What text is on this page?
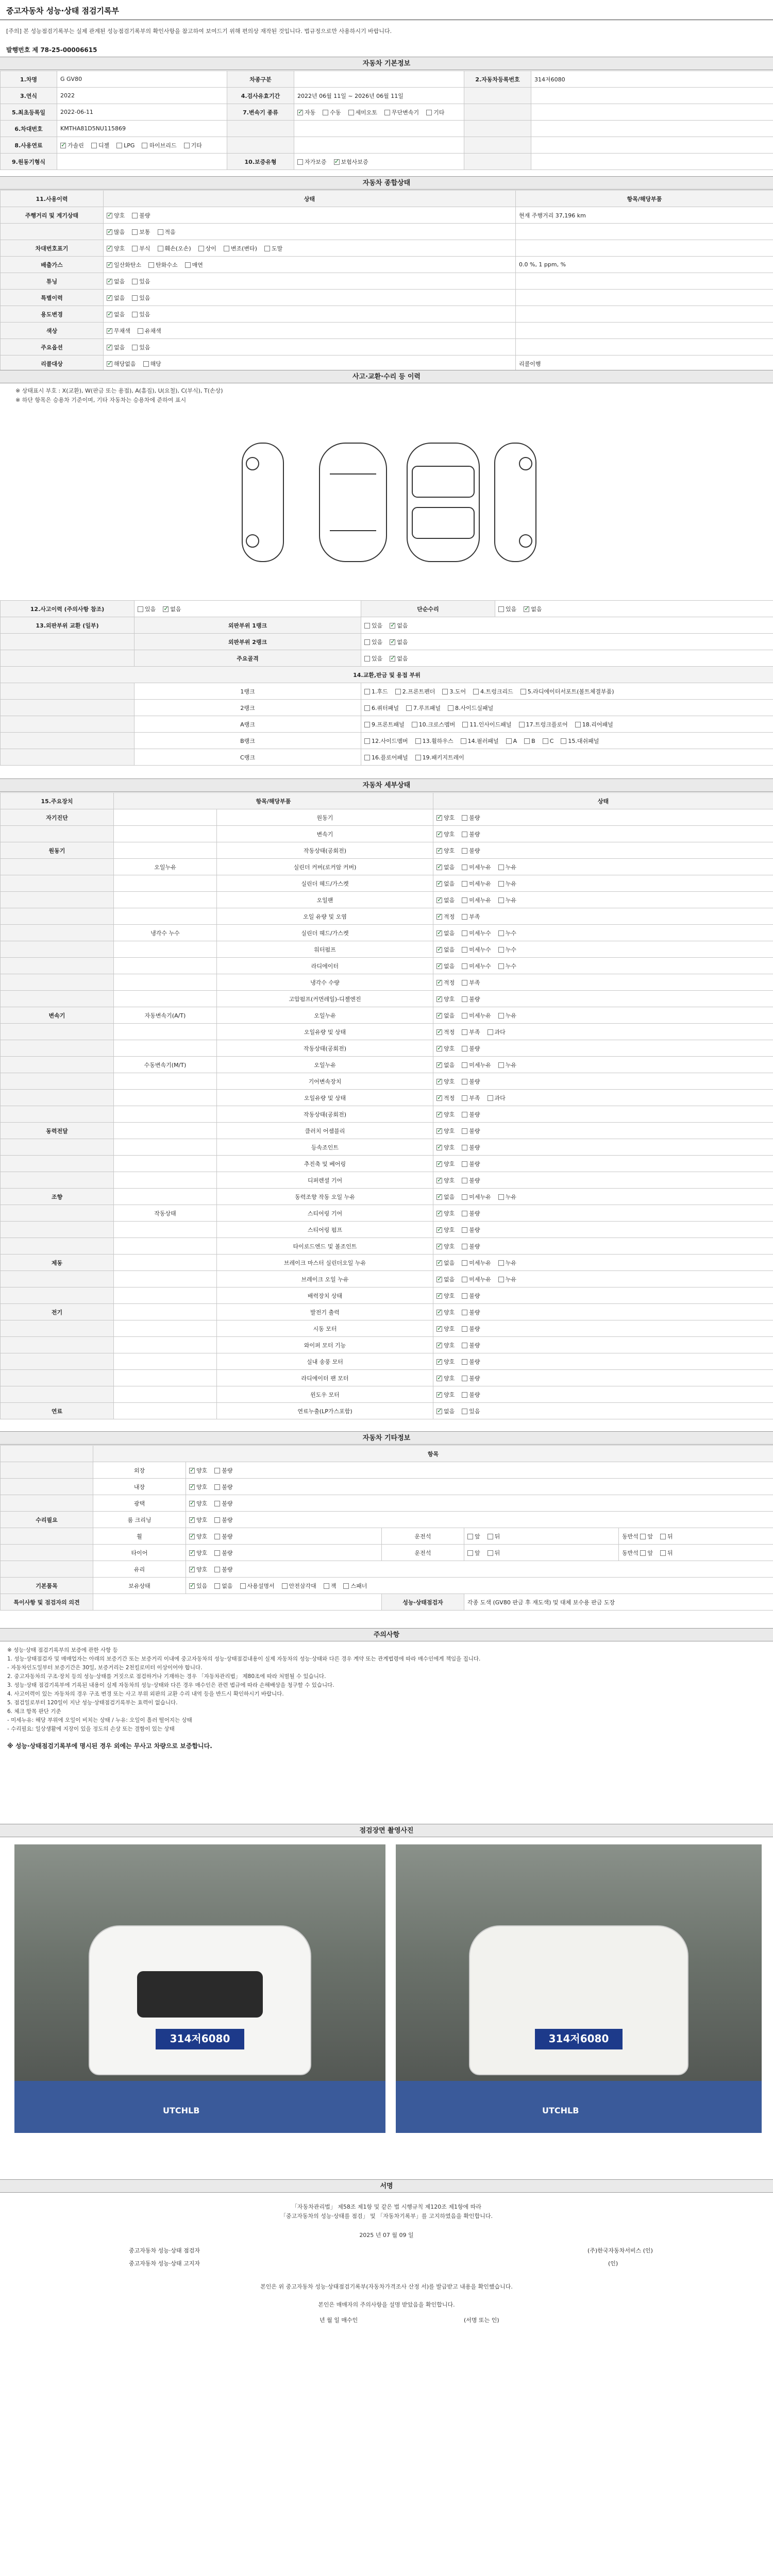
중고자동차 성능·상태 점검기록부
[주의] 본 성능점검기록부는 실제 관계된 성능점검기록부의 확인사항을 참고하여 보여드기 위해 편의상 재작된 것입니다. 법규정으로만 사용하시기 바랍니다.
발행번호 제 78-25-00006615
자동차 기본정보
1.차명	G GV80	차종구분		2.자동차등록번호	314저6080
3.연식	2022	4.검사유효기간	2022년 06월 11일 ~ 2026년 06월 11일		
5.최초등록일	2022-06-11	7.변속기 종류	✓자동 수동 세미오토 무단변속기 기타		
6.차대번호	KMTHA81D5NU115869				
8.사용연료	✓가솔린 디젤 LPG 하이브리드 기타				
9.원동기형식		10.보증유형	자가보증 ✓ 보험사보증		
자동차 종합상태
11.사용이력	상태	항목/해당부품
주행거리 및 계기상태	✓양호 불량	현재 주행거리 37,196 km
	✓많음 보통 적음	
차대번호표기	✓양호 부식 훼손(오손) 상이 변조(변타) 도말	
배출가스	✓일산화탄소 탄화수소 매연	0.0 %, 1 ppm, %
튜닝	✓없음 있음	
특별이력	✓없음 있음	
용도변경	✓없음 있음	
색상	✓무채색 유채색	
주요옵션	✓없음 있음	
리콜대상	✓해당없음 해당	리콜이행
사고·교환·수리 등 이력
※ 상태표시 부호 : X(교환), W(판금 또는 용접), A(흠집), U(요철), C(부식), T(손상)
※ 하단 항목은 승용차 기준이며, 기타 자동차는 승용차에 준하여 표시
12.사고이력 (주의사항 참조)	있음 ✓ 없음	단순수리	있음 ✓ 없음
13.외판부위 교환 (일부)	외판부위 1랭크	있음 ✓ 없음
	외판부위 2랭크	있음 ✓ 없음
	주요골격	있음 ✓ 없음
14.교환,판금 및 용접 부위			
	1랭크	1.후드 2.프론트펜더 3.도어 4.트렁크리드 5.라디에이터서포트(볼트체결부품)	
	2랭크	6.쿼터패널 7.루프패널 8.사이드실패널	
	A랭크	9.프론트패널 10.크로스멤버 11.인사이드패널 17.트렁크플로어 18.리어패널	
	B랭크	12.사이드멤버 13.휠하우스 14.필러패널 A B C 15.대쉬패널	
	C랭크	16.플로어패널 19.패키지트레이	
자동차 세부상태
15.주요장치	항목/해당부품		상태
자기진단		원동기	✓양호 불량
		변속기	✓양호 불량
원동기		작동상태(공회전)	✓양호 불량
	오일누유	실린더 커버(로커암 커버)	✓없음 미세누유 누유
		실린더 헤드/가스켓	✓없음 미세누유 누유
		오일팬	✓없음 미세누유 누유
		오일 유량 및 오염	✓적정 부족
	냉각수 누수	실린더 헤드/가스켓	✓없음 미세누수 누수
		워터펌프	✓없음 미세누수 누수
		라디에이터	✓없음 미세누수 누수
		냉각수 수량	✓적정 부족
		고압펌프(커먼레일)-디젤엔진	✓양호 불량
변속기	자동변속기(A/T)	오일누유	✓없음 미세누유 누유
		오일유량 및 상태	✓적정 부족 과다
		작동상태(공회전)	✓양호 불량
	수동변속기(M/T)	오일누유	✓없음 미세누유 누유
		기어변속장치	✓양호 불량
		오일유량 및 상태	✓적정 부족 과다
		작동상태(공회전)	✓양호 불량
동력전달		클러치 어셈블리	✓양호 불량
		등속조인트	✓양호 불량
		추진축 및 베어링	✓양호 불량
		디퍼렌셜 기어	✓양호 불량
조향		동력조향 작동 오일 누유	✓없음 미세누유 누유
	작동상태	스티어링 기어	✓양호 불량
		스티어링 펌프	✓양호 불량
		타이로드엔드 및 볼조인트	✓양호 불량
제동		브레이크 마스터 실린더오일 누유	✓없음 미세누유 누유
		브레이크 오일 누유	✓없음 미세누유 누유
		배력장치 상태	✓양호 불량
전기		발전기 출력	✓양호 불량
		시동 모터	✓양호 불량
		와이퍼 모터 기능	✓양호 불량
		실내 송풍 모터	✓양호 불량
		라디에이터 팬 모터	✓양호 불량
		윈도우 모터	✓양호 불량
연료		연료누출(LP가스포함)	✓없음 있음
자동차 기타정보
	항목					
	외장	✓양호 불량	
	내장	✓양호 불량	
	광택	✓양호 불량	
수리필요	룸 크리닝	✓양호 불량	
	휠	✓양호 불량	운전석	앞 뒤	동반석 앞 뒤	
	타이어	✓양호 불량	운전석	앞 뒤	동반석 앞 뒤	
	유리	✓양호 불량	
기본품목	보유상태	✓있음 없음 사용설명서 안전삼각대 잭 스패너	
특이사항 및 점검자의 의견			성능·상태점검자	각종 도색 (GV80 판금 후 재도색) 및 대체 보수용 판금 도장		
주의사항
※ 성능·상태 점검기록부의 보증에 관한 사항 등
1. 성능·상태점검자 및 매매업자는 아래의 보증기간 또는 보증거리 이내에 중고자동차의 성능·상태점검내용이 실제 자동차의 성능·상태와 다른 경우 계약 또는 관계법령에 따라 매수인에게 책임을 집니다.
- 자동차인도일부터 보증기간은 30일, 보증거리는 2천킬로미터 이상이어야 합니다.
2. 중고자동차의 구조·장치 등의 성능·상태를 거짓으로 점검하거나 기재하는 경우 「자동차관리법」 제80조에 따라 처벌될 수 있습니다.
3. 성능·상태 점검기록부에 기록된 내용이 실제 자동차의 성능·상태와 다른 경우 매수인은 관련 법규에 따라 손해배상을 청구할 수 있습니다.
4. 사고이력이 있는 자동차의 경우 구조 변경 또는 사고 부위 외판의 교환 수리 내역 등을 반드시 확인하시기 바랍니다.
5. 점검일로부터 120일이 지난 성능·상태점검기록부는 효력이 없습니다.
6. 체크 항목 판단 기준
- 미세누유: 해당 부위에 오일이 비치는 상태 / 누유: 오일이 흘러 떨어지는 상태
- 수리필요: 일상생활에 지장이 있을 정도의 손상 또는 결함이 있는 상태
※ 성능·상태점검기록부에 명시된 경우 외에는 무사고 차량으로 보증합니다.
점검장면 촬영사진
314저6080
UTCHLB
314저6080
UTCHLB
서명
「자동차관리법」 제58조 제1항 및 같은 법 시행규칙 제120조 제1항에 따라
「중고자동차의 성능·상태를 점검」 및 「자동차기록부」를 고지하였음을 확인합니다.
2025 년 07 월 09 일
중고자동차 성능·상태 점검자	(주)한국자동차서비스 (인)
중고자동차 성능·상태 고지자	(인)
본인은 위 중고자동차 성능·상태점검기록부(자동차가격조사 산정 서)를 발급받고 내용을 확인했습니다.
본인은 매매자의 주의사항을 설명 받았음을 확인합니다.
년 월 일 매수인	(서명 또는 인)
